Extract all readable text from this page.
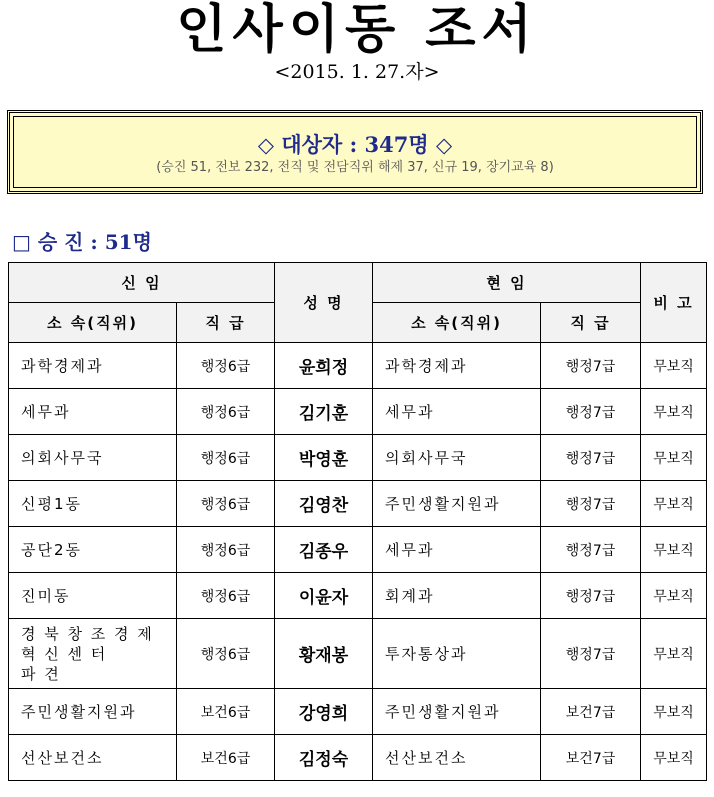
인사이동 조서
<2015. 1. 27.자>
◇ 대상자 : 347명 ◇
(승진 51, 전보 232, 전직 및 전담직위 해제 37, 신규 19, 장기교육 8)
□ 승 진 : 51명
신 임		성 명	현 임		비 고
소 속(직위)	직 급		소 속(직위)	직 급	
과학경제과	행정6급	윤희정	과학경제과	행정7급	무보직
세무과	행정6급	김기훈	세무과	행정7급	무보직
의회사무국	행정6급	박영훈	의회사무국	행정7급	무보직
신평1동	행정6급	김영찬	주민생활지원과	행정7급	무보직
공단2동	행정6급	김종우	세무과	행정7급	무보직
진미동	행정6급	이윤자	회계과	행정7급	무보직

경 북 창 조 경 제
혁 신 센 터
파 견	행정6급	황재봉	투자통상과	행정7급	무보직
주민생활지원과	보건6급	강영희	주민생활지원과	보건7급	무보직
선산보건소	보건6급	김정숙	선산보건소	보건7급	무보직
